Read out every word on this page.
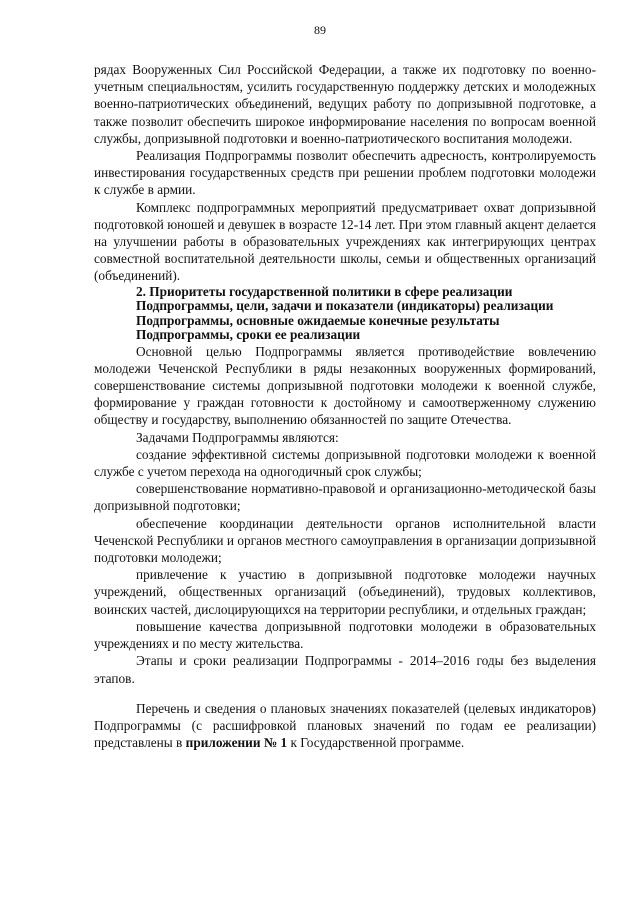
89

рядах Вооруженных Сил Российской Федерации, а также их подготовку по военно-учетным специальностям, усилить государственную поддержку детских и молодежных военно-патриотических объединений, ведущих работу по допризывной подготовке, а также позволит обеспечить широкое информирование населения по вопросам военной службы, допризывной подготовки и военно-патриотического воспитания молодежи.

Реализация Подпрограммы позволит обеспечить адресность, контролируемость инвестирования государственных средств при решении проблем подготовки молодежи к службе в армии.

Комплекс подпрограммных мероприятий предусматривает охват допризывной подготовкой юношей и девушек в возрасте 12-14 лет. При этом главный акцент делается на улучшении работы в образовательных учреждениях как интегрирующих центрах совместной воспитательной деятельности школы, семьи и общественных организаций (объединений).

2. Приоритеты государственной политики в сфере реализации
Подпрограммы, цели, задачи и показатели (индикаторы) реализации
Подпрограммы, основные ожидаемые конечные результаты
Подпрограммы, сроки ее реализации

Основной целью Подпрограммы является противодействие вовлечению молодежи Чеченской Республики в ряды незаконных вооруженных формирований, совершенствование системы допризывной подготовки молодежи к военной службе, формирование у граждан готовности к достойному и самоотверженному служению обществу и государству, выполнению обязанностей по защите Отечества.

Задачами Подпрограммы являются:

создание эффективной системы допризывной подготовки молодежи к военной службе с учетом перехода на одногодичный срок службы;

совершенствование нормативно-правовой и организационно-методической базы допризывной подготовки;

обеспечение координации деятельности органов исполнительной власти Чеченской Республики и органов местного самоуправления в организации допризывной подготовки молодежи;

привлечение к участию в допризывной подготовке молодежи научных учреждений, общественных организаций (объединений), трудовых коллективов, воинских частей, дислоцирующихся на территории республики, и отдельных граждан;

повышение качества допризывной подготовки молодежи в образовательных учреждениях и по месту жительства.

Этапы и сроки реализации Подпрограммы - 2014–2016 годы без выделения этапов.

Перечень и сведения о плановых значениях показателей (целевых индикаторов) Подпрограммы (с расшифровкой плановых значений по годам ее реализации) представлены в приложении № 1 к Государственной программе.
